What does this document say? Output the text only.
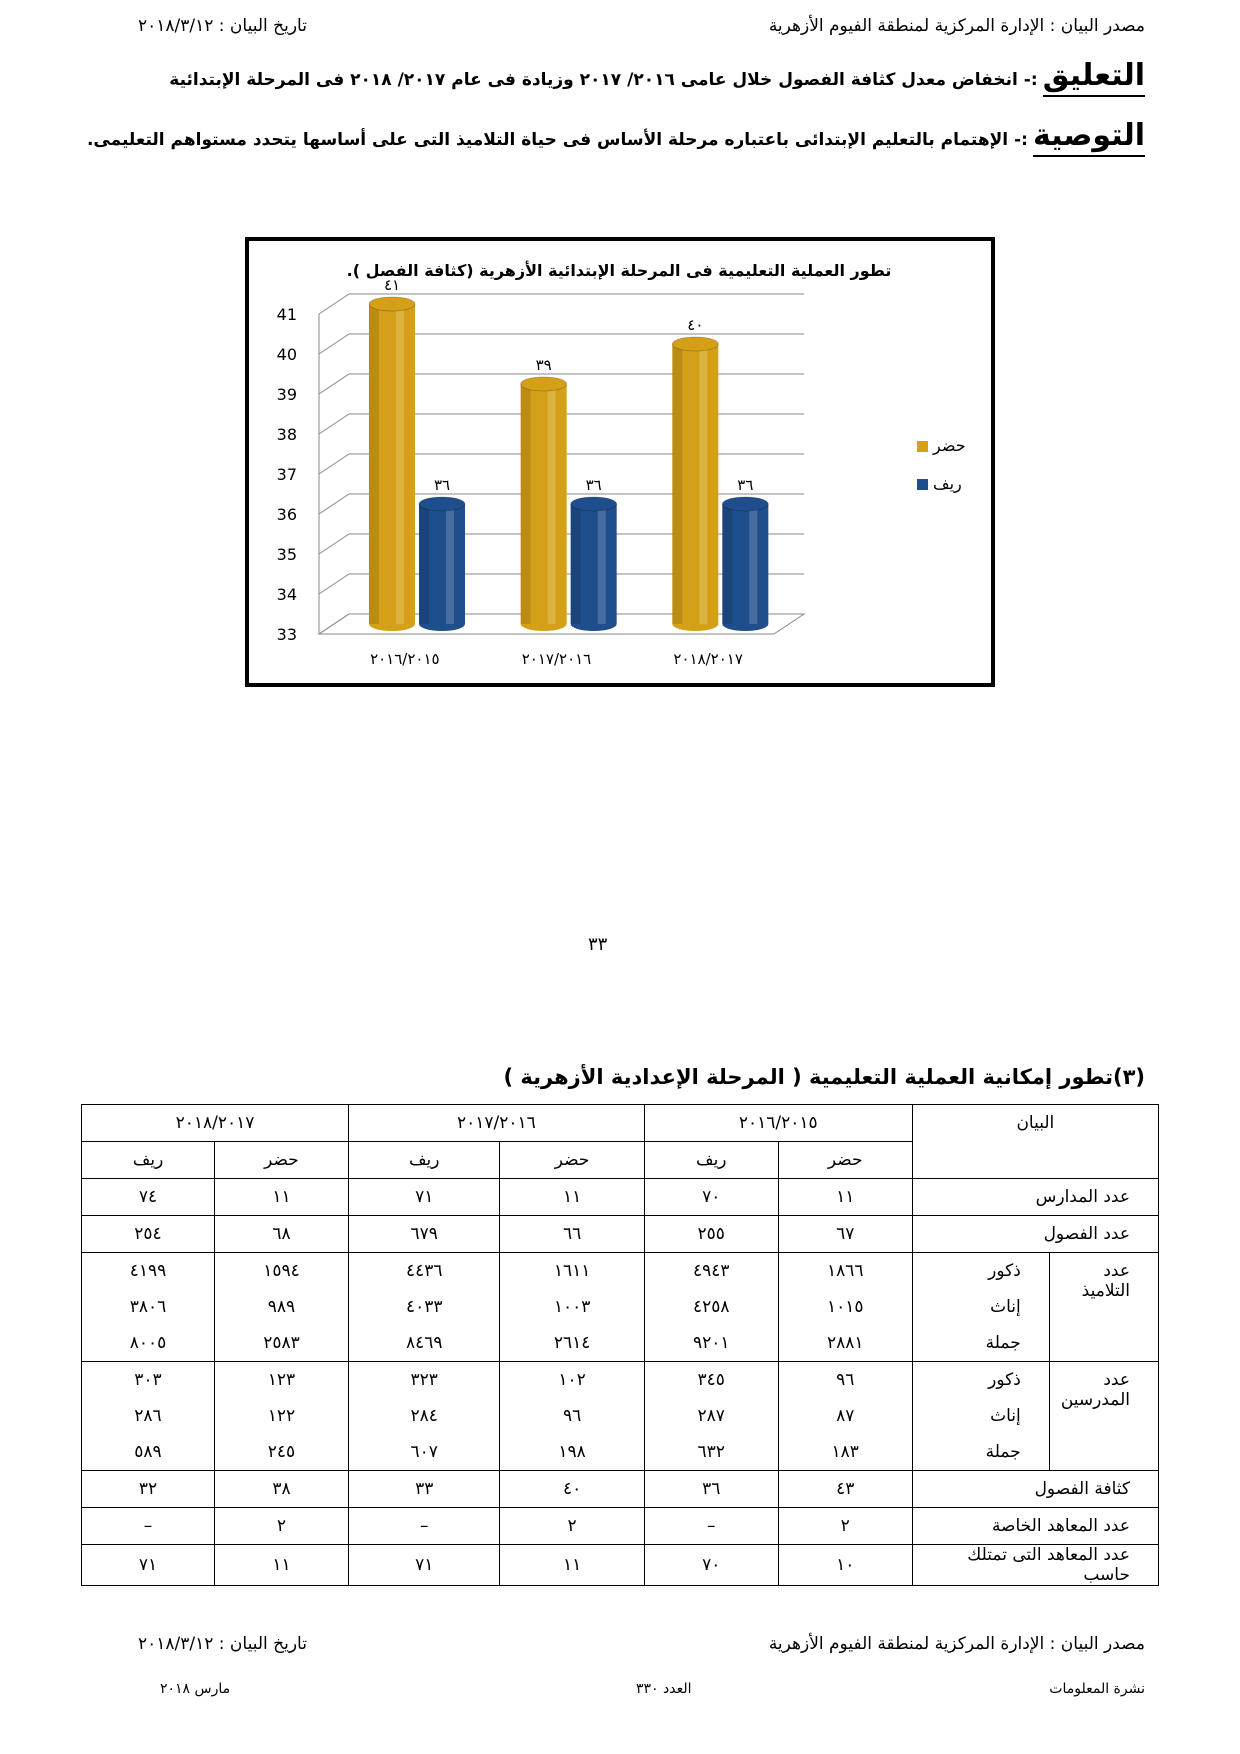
مصدر البيان : الإدارة المركزية لمنطقة الفيوم الأزهرية
تاريخ البيان : ٢٠١٨/٣/١٢
التعليق :- انخفاض معدل كثافة الفصول خلال عامى ٢٠١٦/ ٢٠١٧ وزيادة فى عام ٢٠١٧/ ٢٠١٨ فى المرحلة الإبتدائية
التوصية :- الإهتمام بالتعليم الإبتدائى باعتباره مرحلة الأساس فى حياة التلاميذ التى على أساسها يتحدد مستواهم التعليمى.
تطور العملية التعليمية فى المرحلة الإبتدائية الأزهرية (كثافة الفصل ).
41
40
39
38
37
36
35
34
33
٤١
٣٦
٢٠١٦/٢٠١٥
٣٩
٣٦
٢٠١٧/٢٠١٦
٤٠
٣٦
٢٠١٨/٢٠١٧
حضر
ريف
٣٣
(٣)تطور إمكانية العملية التعليمية ( المرحلة الإعدادية الأزهرية )
البيان		٢٠١٦/٢٠١٥		٢٠١٧/٢٠١٦		٢٠١٨/٢٠١٧	
		حضر	ريف	حضر	ريف	حضر	ريف
عدد المدارس		١١	٧٠	١١	٧١	١١	٧٤
عدد الفصول		٦٧	٢٥٥	٦٦	٦٧٩	٦٨	٢٥٤
عدد التلاميذ	ذكور	١٨٦٦	٤٩٤٣	١٦١١	٤٤٣٦	١٥٩٤	٤١٩٩
	إناث	١٠١٥	٤٢٥٨	١٠٠٣	٤٠٣٣	٩٨٩	٣٨٠٦
	جملة	٢٨٨١	٩٢٠١	٢٦١٤	٨٤٦٩	٢٥٨٣	٨٠٠٥
عدد المدرسين	ذكور	٩٦	٣٤٥	١٠٢	٣٢٣	١٢٣	٣٠٣
	إناث	٨٧	٢٨٧	٩٦	٢٨٤	١٢٢	٢٨٦
	جملة	١٨٣	٦٣٢	١٩٨	٦٠٧	٢٤٥	٥٨٩
كثافة الفصول		٤٣	٣٦	٤٠	٣٣	٣٨	٣٢
عدد المعاهد الخاصة		٢	–	٢	–	٢	–
عدد المعاهد التى تمتلك حاسب		١٠	٧٠	١١	٧١	١١	٧١
مصدر البيان : الإدارة المركزية لمنطقة الفيوم الأزهرية
تاريخ البيان : ٢٠١٨/٣/١٢
نشرة المعلومات
العدد ٣٣٠
مارس ٢٠١٨
